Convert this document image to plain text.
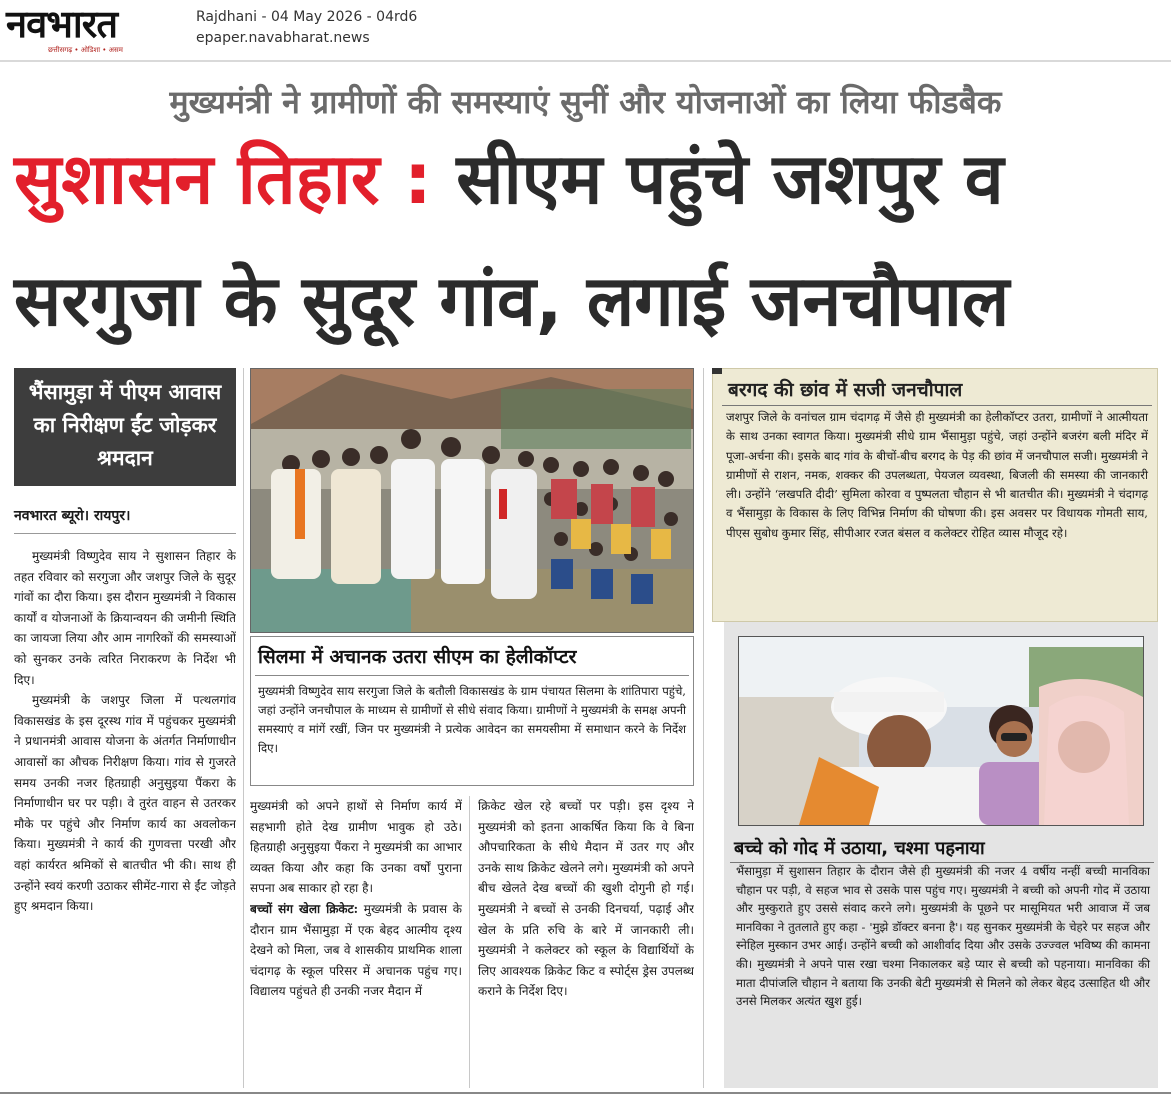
नवभारत
छत्तीसगढ़ • ओडिशा • असम
Rajdhani - 04 May 2026 - 04rd6
epaper.navabharat.news
मुख्यमंत्री ने ग्रामीणों की समस्याएं सुनीं और योजनाओं का लिया फीडबैक
सुशासन तिहार : सीएम पहुंचे जशपुर व
सरगुजा के सुदूर गांव, लगाई जनचौपाल
भैंसामुड़ा में पीएम आवास का निरीक्षण ईंट जोड़कर श्रमदान
नवभारत ब्यूरो। रायपुर।

मुख्यमंत्री विष्णुदेव साय ने सुशासन तिहार के तहत रविवार को सरगुजा और जशपुर जिले के सुदूर गांवों का दौरा किया। इस दौरान मुख्यमंत्री ने विकास कार्यों व योजनाओं के क्रियान्वयन की जमीनी स्थिति का जायजा लिया और आम नागरिकों की समस्याओं को सुनकर उनके त्वरित निराकरण के निर्देश भी दिए।

मुख्यमंत्री के जशपुर जिला में पत्थलगांव विकासखंड के इस दूरस्थ गांव में पहुंचकर मुख्यमंत्री ने प्रधानमंत्री आवास योजना के अंतर्गत निर्माणाधीन आवासों का औचक निरीक्षण किया। गांव से गुजरते समय उनकी नजर हितग्राही अनुसुइया पैंकरा के निर्माणाधीन घर पर पड़ी। वे तुरंत वाहन से उतरकर मौके पर पहुंचे और निर्माण कार्य का अवलोकन किया। मुख्यमंत्री ने कार्य की गुणवत्ता परखी और वहां कार्यरत श्रमिकों से बातचीत भी की। साथ ही उन्होंने स्वयं करणी उठाकर सीमेंट-गारा से ईंट जोड़ते हुए श्रमदान किया।

सिलमा में अचानक उतरा सीएम का हेलीकॉप्टर

मुख्यमंत्री विष्णुदेव साय सरगुजा जिले के बतौली विकासखंड के ग्राम पंचायत सिलमा के शांतिपारा पहुंचे, जहां उन्होंने जनचौपाल के माध्यम से ग्रामीणों से सीधे संवाद किया। ग्रामीणों ने मुख्यमंत्री के समक्ष अपनी समस्याएं व मांगें रखीं, जिन पर मुख्यमंत्री ने प्रत्येक आवेदन का समयसीमा में समाधान करने के निर्देश दिए।

मुख्यमंत्री को अपने हाथों से निर्माण कार्य में सहभागी होते देख ग्रामीण भावुक हो उठे। हितग्राही अनुसुइया पैंकरा ने मुख्यमंत्री का आभार व्यक्त किया और कहा कि उनका वर्षों पुराना सपना अब साकार हो रहा है।

बच्चों संग खेला क्रिकेट: मुख्यमंत्री के प्रवास के दौरान ग्राम भैंसामुड़ा में एक बेहद आत्मीय दृश्य देखने को मिला, जब वे शासकीय प्राथमिक शाला चंदागढ़ के स्कूल परिसर में अचानक पहुंच गए। विद्यालय पहुंचते ही उनकी नजर मैदान में

क्रिकेट खेल रहे बच्चों पर पड़ी। इस दृश्य ने मुख्यमंत्री को इतना आकर्षित किया कि वे बिना औपचारिकता के सीधे मैदान में उतर गए और उनके साथ क्रिकेट खेलने लगे। मुख्यमंत्री को अपने बीच खेलते देख बच्चों की खुशी दोगुनी हो गई। मुख्यमंत्री ने बच्चों से उनकी दिनचर्या, पढ़ाई और खेल के प्रति रुचि के बारे में जानकारी ली। मुख्यमंत्री ने कलेक्टर को स्कूल के विद्यार्थियों के लिए आवश्यक क्रिकेट किट व स्पोर्ट्स ड्रेस उपलब्ध कराने के निर्देश दिए।

बरगद की छांव में सजी जनचौपाल

जशपुर जिले के वनांचल ग्राम चंदागढ़ में जैसे ही मुख्यमंत्री का हेलीकॉप्टर उतरा, ग्रामीणों ने आत्मीयता के साथ उनका स्वागत किया। मुख्यमंत्री सीधे ग्राम भैंसामुड़ा पहुंचे, जहां उन्होंने बजरंग बली मंदिर में पूजा-अर्चना की। इसके बाद गांव के बीचों-बीच बरगद के पेड़ की छांव में जनचौपाल सजी। मुख्यमंत्री ने ग्रामीणों से राशन, नमक, शक्कर की उपलब्धता, पेयजल व्यवस्था, बिजली की समस्या की जानकारी ली। उन्होंने ‘लखपति दीदी’ सुमिला कोरवा व पुष्पलता चौहान से भी बातचीत की। मुख्यमंत्री ने चंदागढ़ व भैंसामुड़ा के विकास के लिए विभिन्न निर्माण की घोषणा की। इस अवसर पर विधायक गोमती साय, पीएस सुबोध कुमार सिंह, सीपीआर रजत बंसल व कलेक्टर रोहित व्यास मौजूद रहे।

बच्चे को गोद में उठाया, चश्मा पहनाया

भैंसामुड़ा में सुशासन तिहार के दौरान जैसे ही मुख्यमंत्री की नजर 4 वर्षीय नन्हीं बच्ची मानविका चौहान पर पड़ी, वे सहज भाव से उसके पास पहुंच गए। मुख्यमंत्री ने बच्ची को अपनी गोद में उठाया और मुस्कुराते हुए उससे संवाद करने लगे। मुख्यमंत्री के पूछने पर मासूमियत भरी आवाज में जब मानविका ने तुतलाते हुए कहा - 'मुझे डॉक्टर बनना है'। यह सुनकर मुख्यमंत्री के चेहरे पर सहज और स्नेहिल मुस्कान उभर आई। उन्होंने बच्ची को आशीर्वाद दिया और उसके उज्ज्वल भविष्य की कामना की। मुख्यमंत्री ने अपने पास रखा चश्मा निकालकर बड़े प्यार से बच्ची को पहनाया। मानविका की माता दीपांजलि चौहान ने बताया कि उनकी बेटी मुख्यमंत्री से मिलने को लेकर बेहद उत्साहित थी और उनसे मिलकर अत्यंत खुश हुई।
